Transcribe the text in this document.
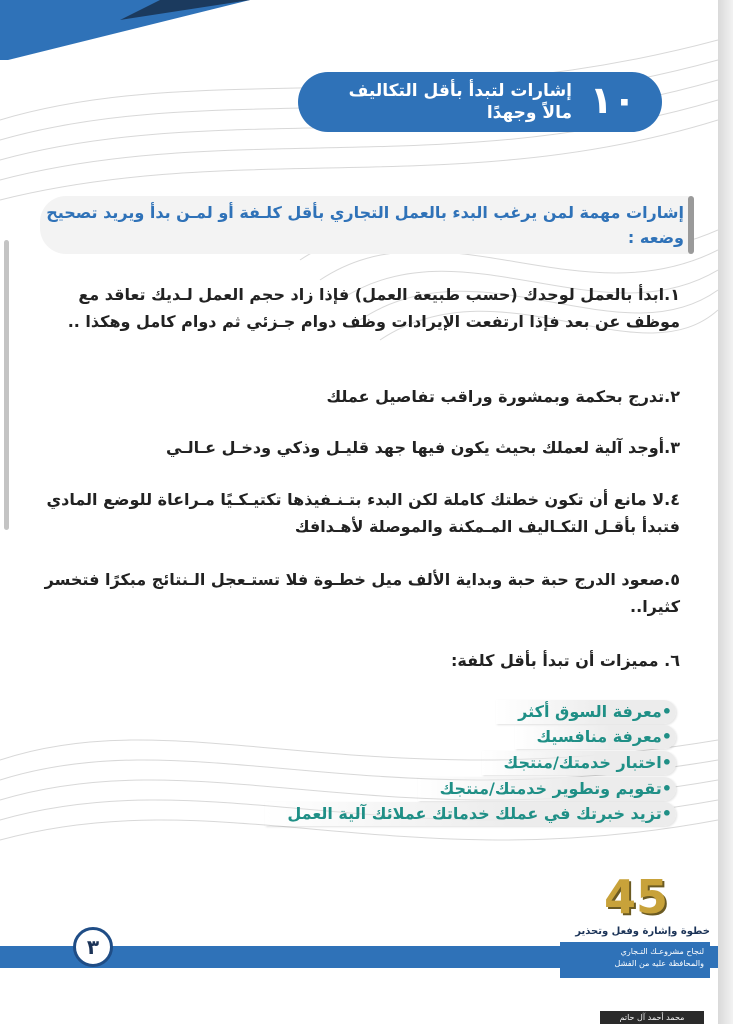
١٠
إشارات لتبدأ بأقل التكاليف مالاً وجهدًا
إشارات مهمة لمن يرغب البدء بالعمل التجاري بأقل كلـفة أو لمـن بدأ ويريد تصحيح وضعه :
١.ابدأ بالعمل لوحدك (حسب طبيعة العمل) فإذا زاد حجم العمل لـديك تعاقد مع موظف عن بعد فإذا ارتفعت الإيرادات وظف دوام جـزئي ثم دوام كامل وهكذا ..
٢.تدرج بحكمة وبمشورة وراقب تفاصيل عملك
٣.أوجد آلية لعملك بحيث يكون فيها جهد قليـل وذكي ودخـل عـالـي
٤.لا مانع أن تكون خطتك كاملة لكن البدء بتـنـفيذها تكتيـكـيًا مـراعاة للوضع المادي فتبدأ بأقـل التكـاليف المـمكنة والموصلة لأهـدافك
٥.صعود الدرج حبة حبة وبداية الألف ميل خطـوة فلا تستـعجل الـنتائج مبكرًا فتخسر كثيرا..
٦. مميزات أن تبدأ بأقل كلفة:
•معرفة السوق أكثر
•معرفة منافسيك
•اختبار خدمتك/منتجك
•تقويم وتطوير خدمتك/منتجك
•تزيد خبرتك في عملك خدماتك عملائك آلية العمل
٣
45
خطوة وإشارة وفعل وتحذير
لنجاح مشروعـك التـجاري
والمحافظة عليه من الفشل
محمد أحمد آل حاتم
